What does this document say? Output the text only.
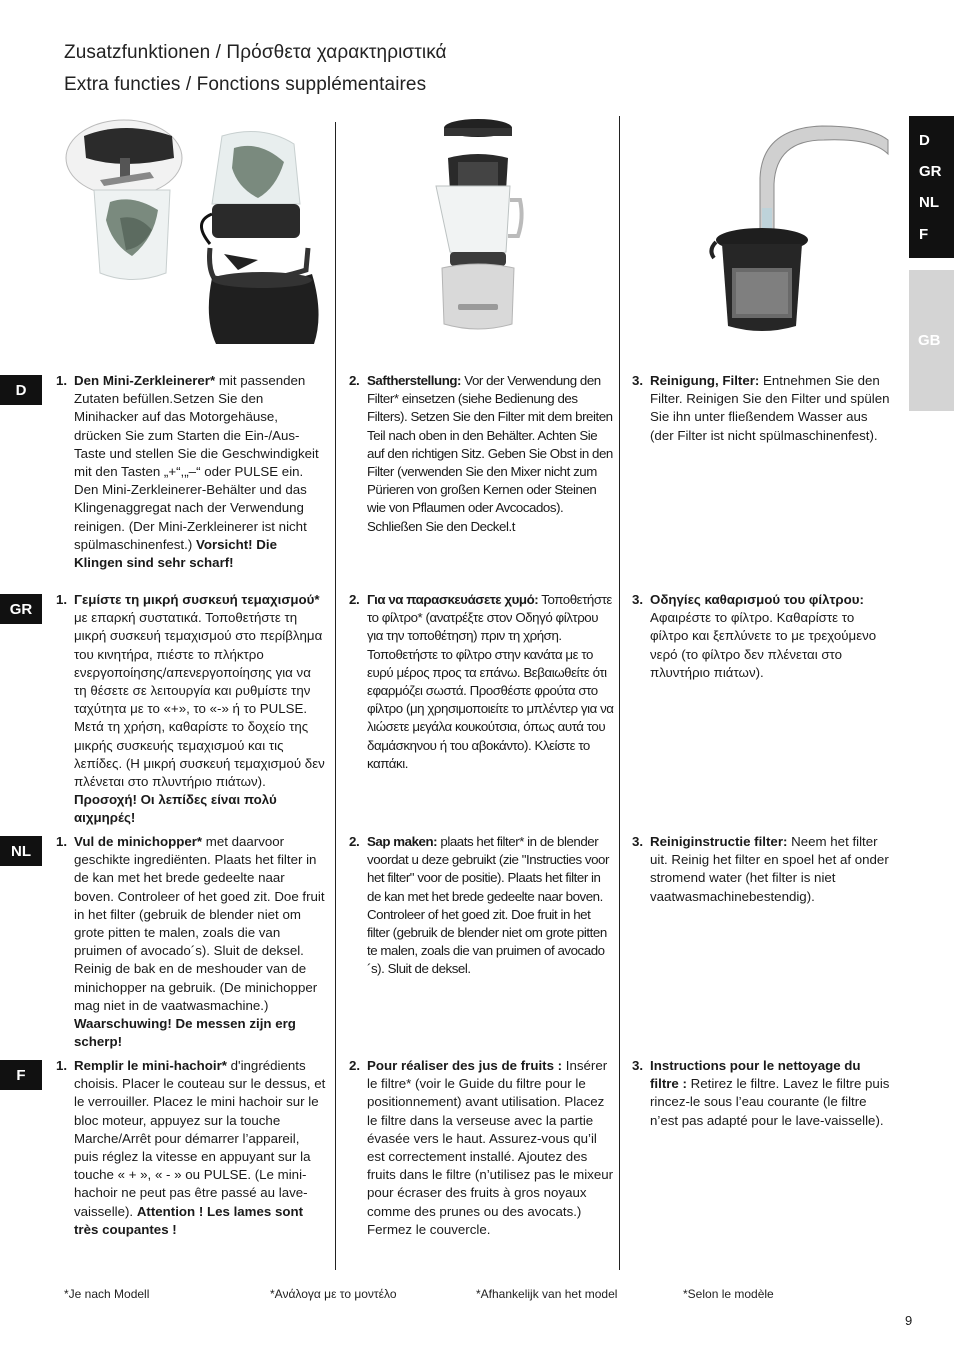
Zusatzfunktionen / Πρόσθετα χαρακτηριστικά
Extra functies / Fonctions supplémentaires
D
GR
NL
F
GB
D
GR
NL
F
1. Den Mini-Zerkleinerer* mit passenden Zutaten befüllen.Setzen Sie den Minihacker auf das Motorgehäuse, drücken Sie zum Starten die Ein-/Aus-Taste und stellen Sie die Geschwindigkeit mit den Tasten „+“,„–“ oder PULSE ein. Den Mini-Zerkleinerer-Behälter und das Klingenaggregat nach der Verwendung reinigen. (Der Mini-Zerkleinerer ist nicht spülmaschinenfest.) Vorsicht! Die Klingen sind sehr scharf!
2. Saftherstellung: Vor der Verwendung den Filter* einsetzen (siehe Bedienung des Filters). Setzen Sie den Filter mit dem breiten Teil nach oben in den Behälter. Achten Sie auf den richtigen Sitz. Geben Sie Obst in den Filter (verwenden Sie den Mixer nicht zum Pürieren von großen Kernen oder Steinen wie von Pflaumen oder Avcocados). Schließen Sie den Deckel.t
3. Reinigung, Filter: Entnehmen Sie den Filter. Reinigen Sie den Filter und spülen Sie ihn unter fließendem Wasser aus (der Filter ist nicht spülmaschinenfest).
1. Γεμίστε τη μικρή συσκευή τεμαχισμού* με επαρκή συστατικά. Τοποθετήστε τη μικρή συσκευή τεμαχισμού στο περίβλημα του κινητήρα, πιέστε το πλήκτρο ενεργοποίησης/απενεργοποίησης για να τη θέσετε σε λειτουργία και ρυθμίστε την ταχύτητα με το «+», το «-» ή το PULSE. Μετά τη χρήση, καθαρίστε το δοχείο της μικρής συσκευής τεμαχισμού και τις λεπίδες. (Η μικρή συσκευή τεμαχισμού δεν πλένεται στο πλυντήριο πιάτων). Προσοχή! Οι λεπίδες είναι πολύ αιχμηρές!
2. Για να παρασκευάσετε χυμό: Τοποθετήστε το φίλτρο* (ανατρέξτε στον Οδηγό φίλτρου για την τοποθέτηση) πριν τη χρήση. Τοποθετήστε το φίλτρο στην κανάτα με το ευρύ μέρος προς τα επάνω. Βεβαιωθείτε ότι εφαρμόζει σωστά. Προσθέστε φρούτα στο φίλτρο (μη χρησιμοποιείτε το μπλέντερ για να λιώσετε μεγάλα κουκούτσια, όπως αυτά του δαμάσκηνου ή του αβοκάντο). Κλείστε το καπάκι.
3. Οδηγίες καθαρισμού του φίλτρου: Αφαιρέστε το φίλτρο. Καθαρίστε το φίλτρο και ξεπλύνετε το με τρεχούμενο νερό (το φίλτρο δεν πλένεται στο πλυντήριο πιάτων).
1. Vul de minichopper* met daarvoor geschikte ingrediënten. Plaats het filter in de kan met het brede gedeelte naar boven. Controleer of het goed zit. Doe fruit in het filter (gebruik de blender niet om grote pitten te malen, zoals die van pruimen of avocado´s). Sluit de deksel. Reinig de bak en de meshouder van de minichopper na gebruik. (De minichopper mag niet in de vaatwasmachine.) Waarschuwing! De messen zijn erg scherp!
2. Sap maken: plaats het filter* in de blender voordat u deze gebruikt (zie "Instructies voor het filter" voor de positie). Plaats het filter in de kan met het brede gedeelte naar boven. Controleer of het goed zit. Doe fruit in het filter (gebruik de blender niet om grote pitten te malen, zoals die van pruimen of avocado´s). Sluit de deksel.
3. Reiniginstructie filter: Neem het filter uit. Reinig het filter en spoel het af onder stromend water (het filter is niet vaatwasmachinebestendig).
1. Remplir le mini-hachoir* d'ingrédients choisis. Placer le couteau sur le dessus, et le verrouiller. Placez le mini hachoir sur le bloc moteur, appuyez sur la touche Marche/Arrêt pour démarrer l’appareil, puis réglez la vitesse en appuyant sur la touche « + », « - » ou PULSE. (Le mini-hachoir ne peut pas être passé au lave-vaisselle). Attention ! Les lames sont très coupantes !
2. Pour réaliser des jus de fruits : Insérer le filtre* (voir le Guide du filtre pour le positionnement) avant utilisation. Placez le filtre dans la verseuse avec la partie évasée vers le haut. Assurez-vous qu’il est correctement installé. Ajoutez des fruits dans le filtre (n’utilisez pas le mixeur pour écraser des fruits à gros noyaux comme des prunes ou des avocats.) Fermez le couvercle.
3. Instructions pour le nettoyage du filtre : Retirez le filtre. Lavez le filtre puis rincez-le sous l’eau courante (le filtre n’est pas adapté pour le lave-vaisselle).
*Je nach Modell	*Ανάλογα με το μοντέλο	*Afhankelijk van het model	*Selon le modèle
9
